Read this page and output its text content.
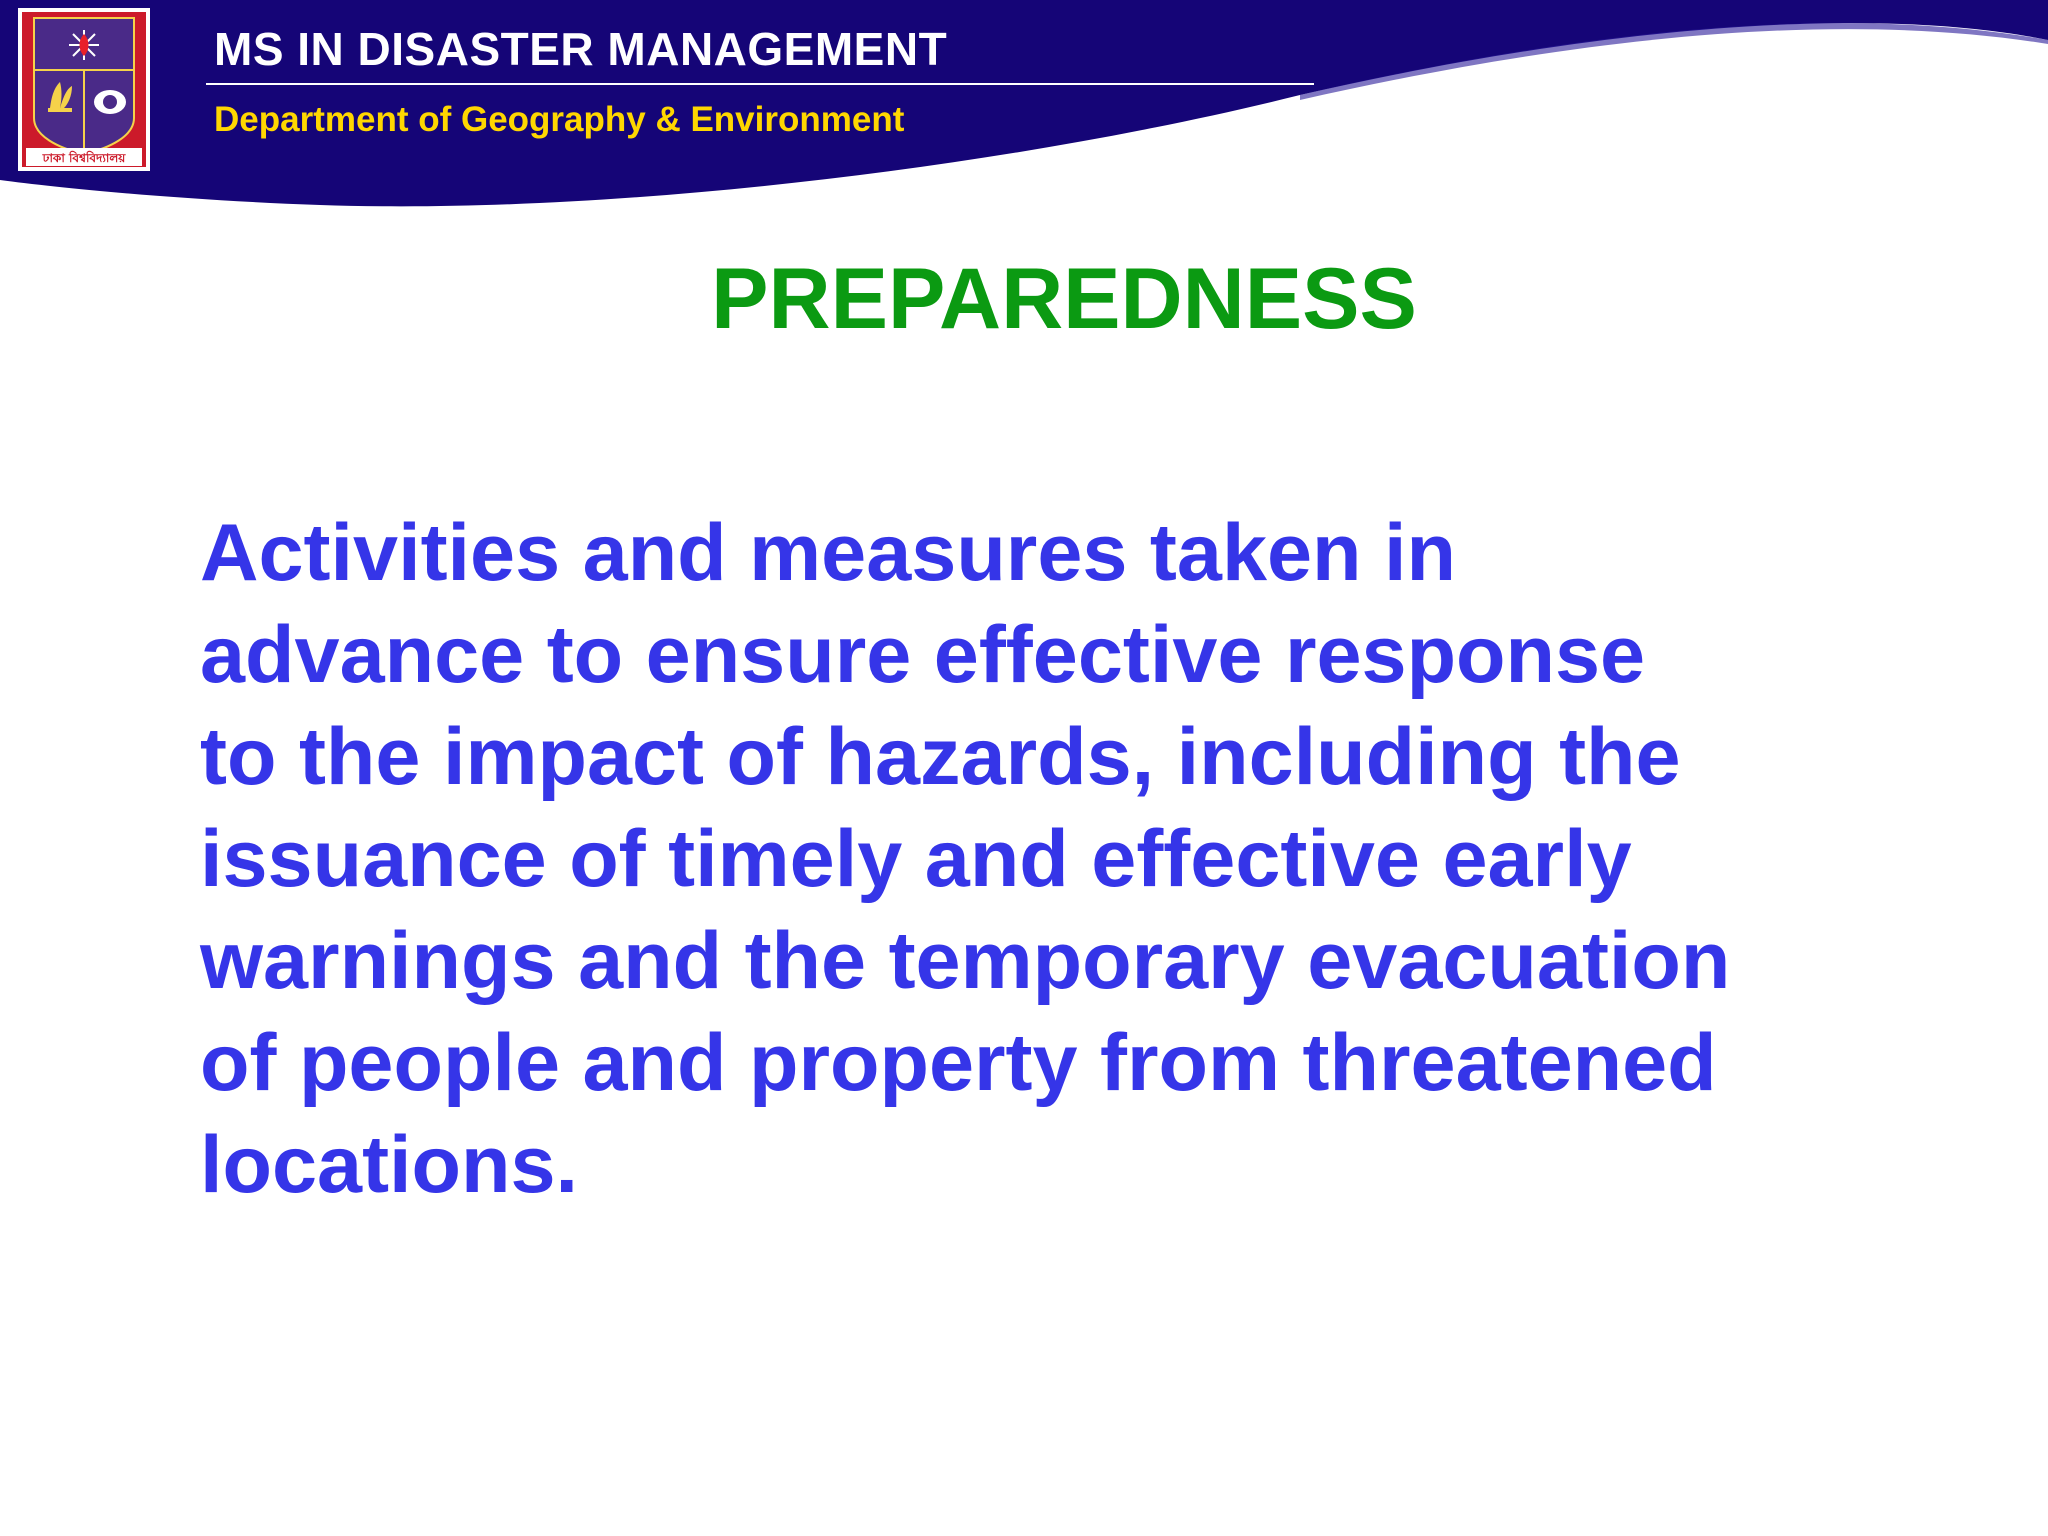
ঢাকা বিশ্ববিদ্যালয়
MS IN DISASTER MANAGEMENT
Department of Geography & Environment
PREPAREDNESS

Activities and measures taken in
advance to ensure effective response
to the impact of hazards, including the
issuance of timely and effective early
warnings and the temporary evacuation
of people and property from threatened
locations.
